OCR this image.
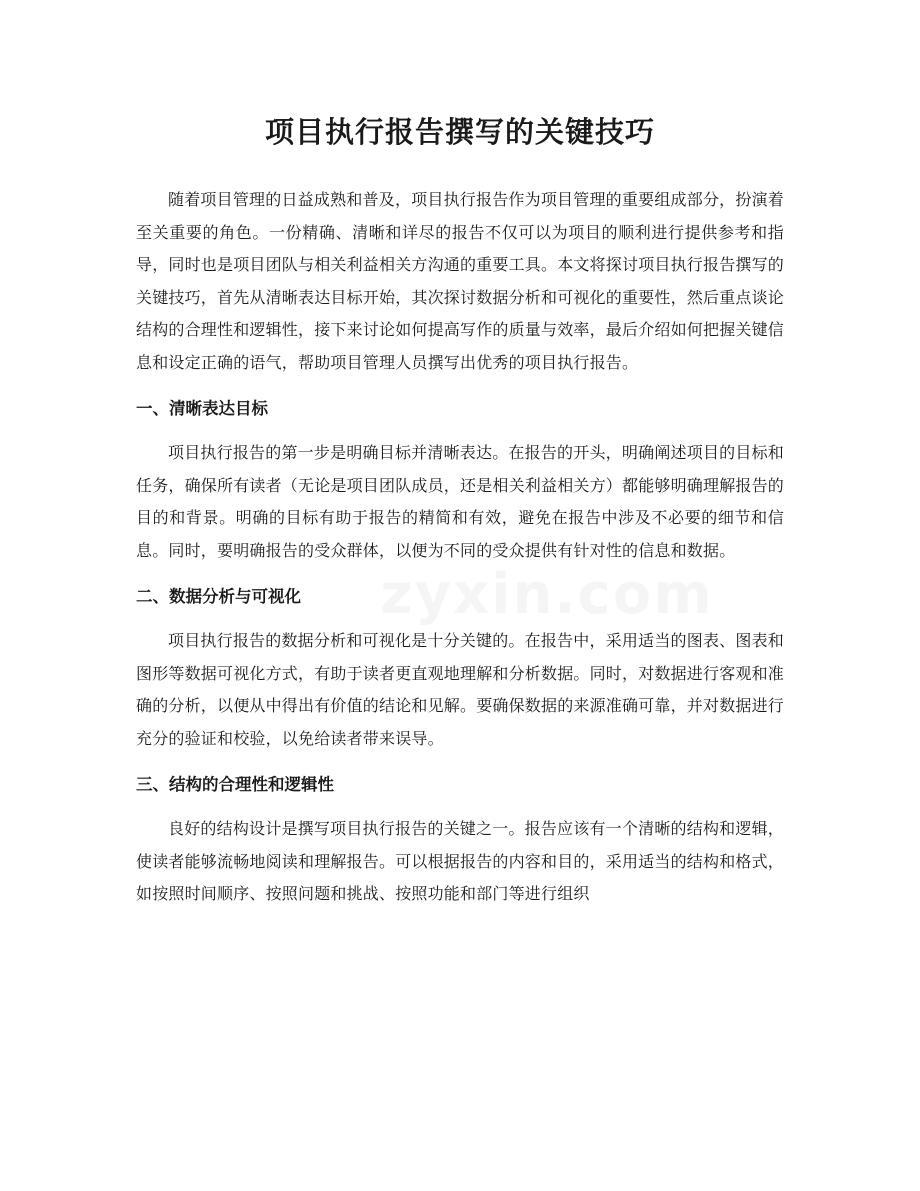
项目执行报告撰写的关键技巧

随着项目管理的日益成熟和普及，项目执行报告作为项目管理的重要组成部分，扮演着至关重要的角色。一份精确、清晰和详尽的报告不仅可以为项目的顺利进行提供参考和指导，同时也是项目团队与相关利益相关方沟通的重要工具。本文将探讨项目执行报告撰写的关键技巧，首先从清晰表达目标开始，其次探讨数据分析和可视化的重要性，然后重点谈论结构的合理性和逻辑性，接下来讨论如何提高写作的质量与效率，最后介绍如何把握关键信息和设定正确的语气，帮助项目管理人员撰写出优秀的项目执行报告。

一、清晰表达目标

项目执行报告的第一步是明确目标并清晰表达。在报告的开头，明确阐述项目的目标和任务，确保所有读者（无论是项目团队成员，还是相关利益相关方）都能够明确理解报告的目的和背景。明确的目标有助于报告的精简和有效，避免在报告中涉及不必要的细节和信息。同时，要明确报告的受众群体，以便为不同的受众提供有针对性的信息和数据。

二、数据分析与可视化

项目执行报告的数据分析和可视化是十分关键的。在报告中，采用适当的图表、图表和图形等数据可视化方式，有助于读者更直观地理解和分析数据。同时，对数据进行客观和准确的分析，以便从中得出有价值的结论和见解。要确保数据的来源准确可靠，并对数据进行充分的验证和校验，以免给读者带来误导。

三、结构的合理性和逻辑性

良好的结构设计是撰写项目执行报告的关键之一。报告应该有一个清晰的结构和逻辑，使读者能够流畅地阅读和理解报告。可以根据报告的内容和目的，采用适当的结构和格式，如按照时间顺序、按照问题和挑战、按照功能和部门等进行组织
